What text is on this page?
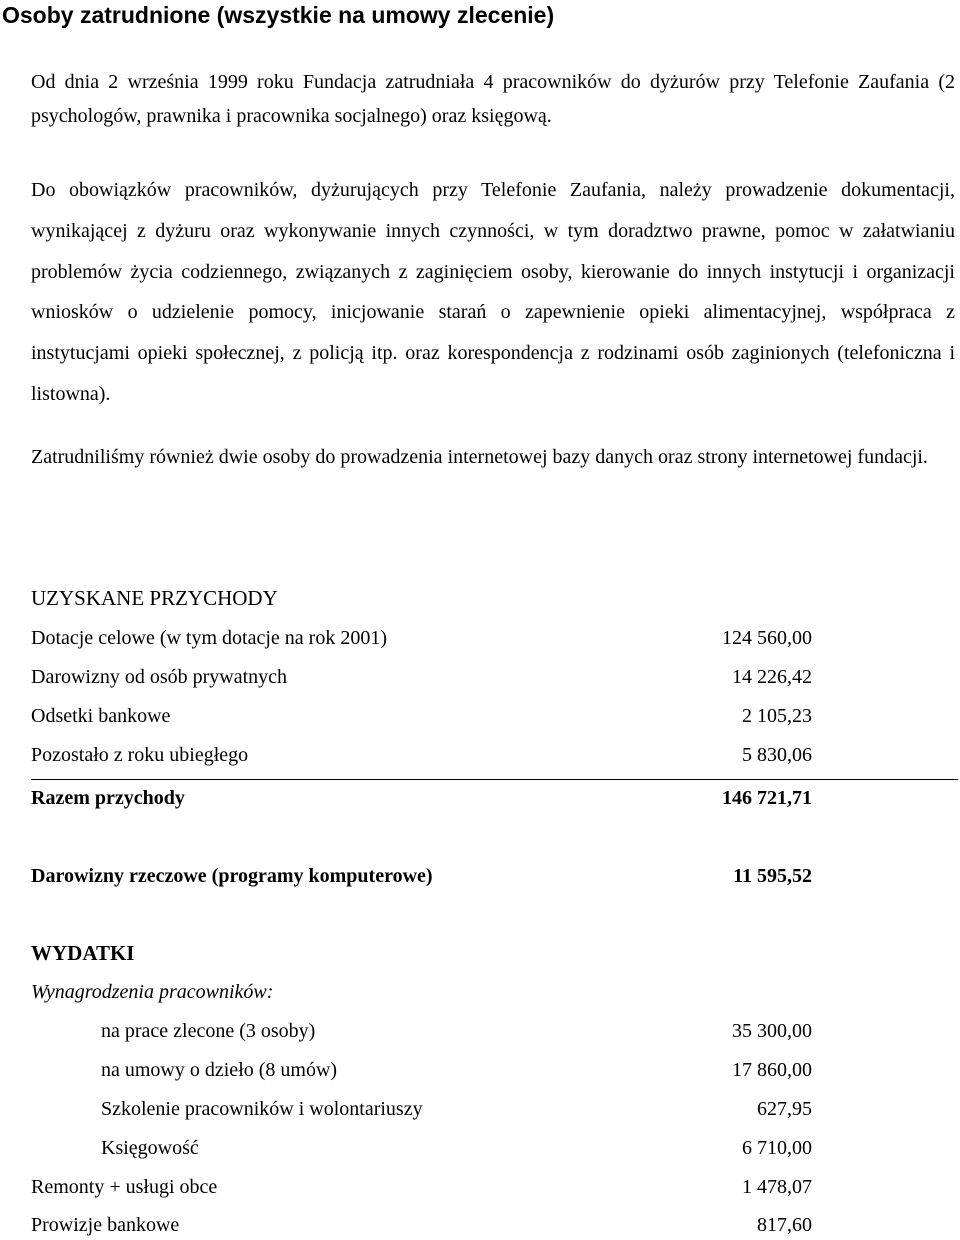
Osoby zatrudnione (wszystkie na umowy zlecenie)
Od dnia 2 września 1999 roku Fundacja zatrudniała 4 pracowników do dyżurów przy Telefonie Zaufania (2 psychologów, prawnika i pracownika socjalnego) oraz księgową.
Do obowiązków pracowników, dyżurujących przy Telefonie Zaufania, należy prowadzenie dokumentacji, wynikającej z dyżuru oraz wykonywanie innych czynności, w tym doradztwo prawne, pomoc w załatwianiu problemów życia codziennego, związanych z zaginięciem osoby, kierowanie do innych instytucji i organizacji wniosków o udzielenie pomocy, inicjowanie starań o zapewnienie opieki alimentacyjnej, współpraca z instytucjami opieki społecznej, z policją itp. oraz korespondencja z rodzinami osób zaginionych (telefoniczna i listowna).
Zatrudniliśmy również dwie osoby do prowadzenia internetowej bazy danych oraz strony internetowej fundacji.
UZYSKANE PRZYCHODY
Dotacje celowe (w tym dotacje na rok 2001)	124 560,00
Darowizny od osób prywatnych	14 226,42
Odsetki bankowe	2 105,23
Pozostało z roku ubiegłego	5 830,06
Razem przychody	146 721,71
Darowizny rzeczowe (programy komputerowe)	11 595,52
WYDATKI
Wynagrodzenia pracowników:
na prace zlecone (3 osoby)	35 300,00
na umowy o dzieło (8 umów)	17 860,00
Szkolenie pracowników i wolontariuszy	627,95
Księgowość	6 710,00
Remonty + usługi obce	1 478,07
Prowizje bankowe	817,60
